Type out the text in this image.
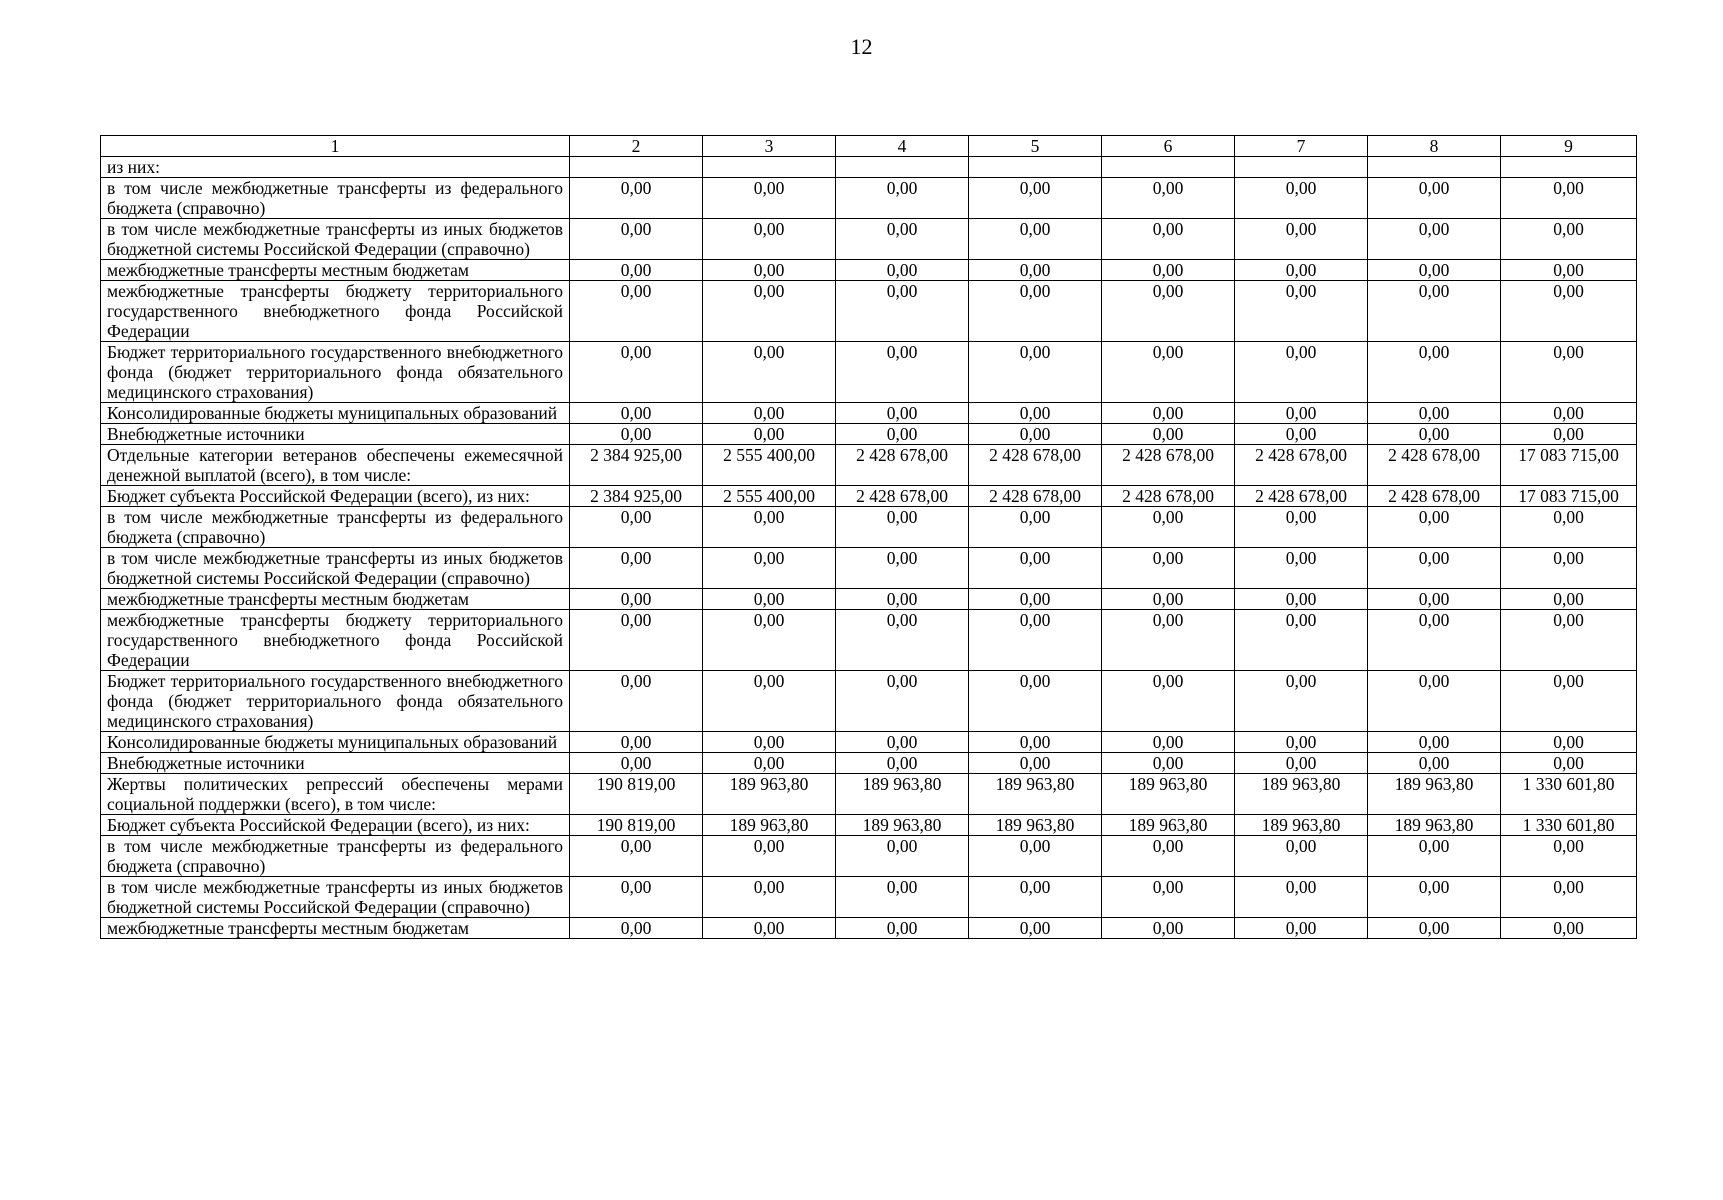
12
1	2	3	4	5	6	7	8	9
из них:								
в том числе межбюджетные трансферты из федерального бюджета (справочно)	0,00	0,00	0,00	0,00	0,00	0,00	0,00	0,00
в том числе межбюджетные трансферты из иных бюджетов бюджетной системы Российской Федерации (справочно)	0,00	0,00	0,00	0,00	0,00	0,00	0,00	0,00
межбюджетные трансферты местным бюджетам	0,00	0,00	0,00	0,00	0,00	0,00	0,00	0,00
межбюджетные трансферты бюджету территориального государственного внебюджетного фонда Российской Федерации	0,00	0,00	0,00	0,00	0,00	0,00	0,00	0,00
Бюджет территориального государственного внебюджетного фонда (бюджет территориального фонда обязательного медицинского страхования)	0,00	0,00	0,00	0,00	0,00	0,00	0,00	0,00
Консолидированные бюджеты муниципальных образований	0,00	0,00	0,00	0,00	0,00	0,00	0,00	0,00
Внебюджетные источники	0,00	0,00	0,00	0,00	0,00	0,00	0,00	0,00
Отдельные категории ветеранов обеспечены ежемесячной денежной выплатой (всего), в том числе:	2 384 925,00	2 555 400,00	2 428 678,00	2 428 678,00	2 428 678,00	2 428 678,00	2 428 678,00	17 083 715,00
Бюджет субъекта Российской Федерации (всего), из них:	2 384 925,00	2 555 400,00	2 428 678,00	2 428 678,00	2 428 678,00	2 428 678,00	2 428 678,00	17 083 715,00
в том числе межбюджетные трансферты из федерального бюджета (справочно)	0,00	0,00	0,00	0,00	0,00	0,00	0,00	0,00
в том числе межбюджетные трансферты из иных бюджетов бюджетной системы Российской Федерации (справочно)	0,00	0,00	0,00	0,00	0,00	0,00	0,00	0,00
межбюджетные трансферты местным бюджетам	0,00	0,00	0,00	0,00	0,00	0,00	0,00	0,00
межбюджетные трансферты бюджету территориального государственного внебюджетного фонда Российской Федерации	0,00	0,00	0,00	0,00	0,00	0,00	0,00	0,00
Бюджет территориального государственного внебюджетного фонда (бюджет территориального фонда обязательного медицинского страхования)	0,00	0,00	0,00	0,00	0,00	0,00	0,00	0,00
Консолидированные бюджеты муниципальных образований	0,00	0,00	0,00	0,00	0,00	0,00	0,00	0,00
Внебюджетные источники	0,00	0,00	0,00	0,00	0,00	0,00	0,00	0,00
Жертвы политических репрессий обеспечены мерами социальной поддержки (всего), в том числе:	190 819,00	189 963,80	189 963,80	189 963,80	189 963,80	189 963,80	189 963,80	1 330 601,80
Бюджет субъекта Российской Федерации (всего), из них:	190 819,00	189 963,80	189 963,80	189 963,80	189 963,80	189 963,80	189 963,80	1 330 601,80
в том числе межбюджетные трансферты из федерального бюджета (справочно)	0,00	0,00	0,00	0,00	0,00	0,00	0,00	0,00
в том числе межбюджетные трансферты из иных бюджетов бюджетной системы Российской Федерации (справочно)	0,00	0,00	0,00	0,00	0,00	0,00	0,00	0,00
межбюджетные трансферты местным бюджетам	0,00	0,00	0,00	0,00	0,00	0,00	0,00	0,00
